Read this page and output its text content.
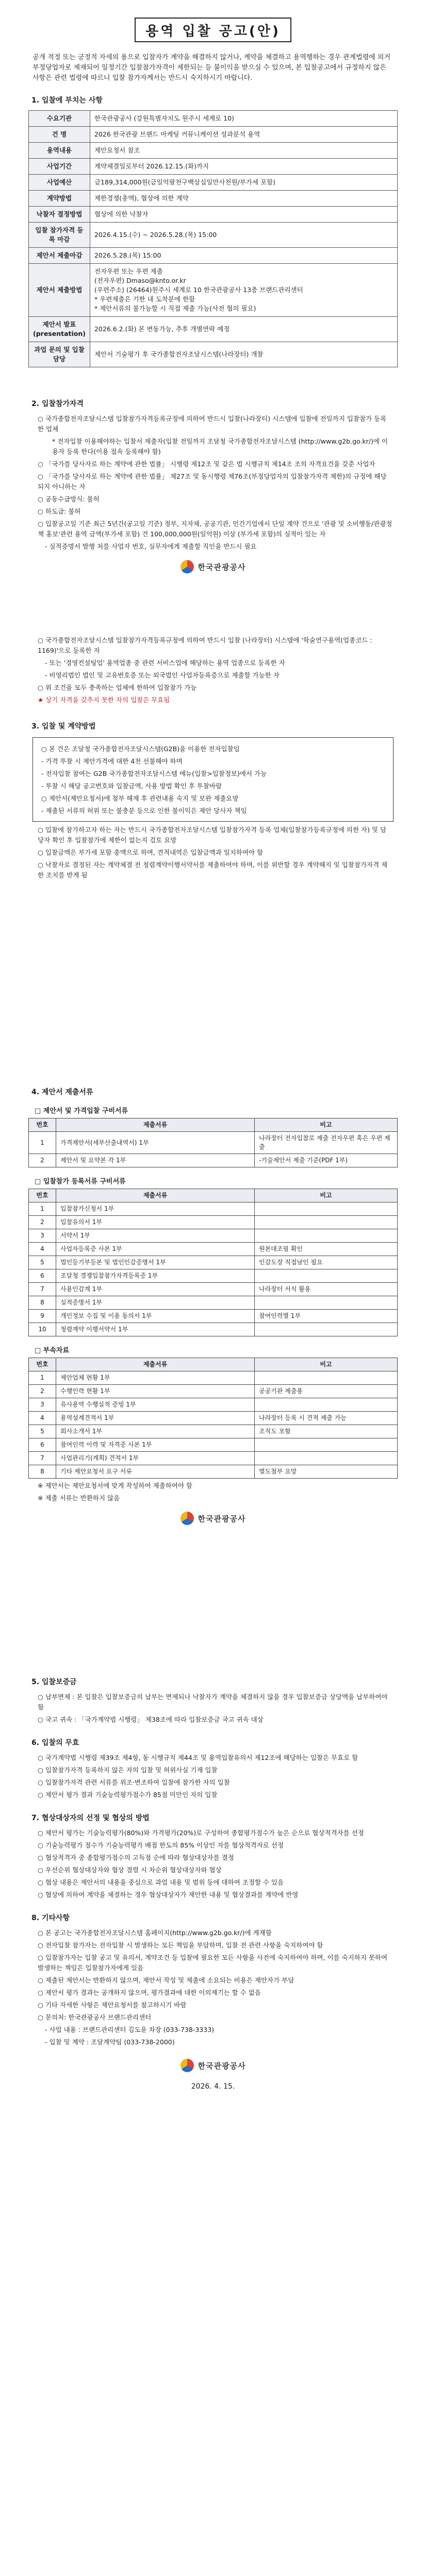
용역 입찰 공고(안)
공개 적정 또는 긍정적 자세의 용으로 입찰자가 계약을 해결하지 않거나, 계약을 체결하고 용역행하는 경우 관계법령에 의거 부정당업자로 제재되어 일정기간 입찰참가자격이 제한되는 등 불이익을 받으실 수 있으며, 본 입찰공고에서 규정하지 않은 사항은 관련 법령에 따르니 입찰 참가자께서는 반드시 숙지하시기 바랍니다.
1. 입찰에 부치는 사항
수요기관	한국관광공사 (강원특별자치도 원주시 세계로 10)
건 명	2026 한국관광 브랜드 마케팅 커뮤니케이션 성과분석 용역
용역내용	제안요청서 참조
사업기간	계약체결일로부터 2026.12.15.(화)까지
사업예산	금189,314,000원(금일억팔천구백삼십일만사천원/부가세 포함)
계약방법	제한경쟁(총액), 협상에 의한 계약
낙찰자 결정방법	협상에 의한 낙찰자
입찰 참가자격 등록 마감	2026.4.15.(수) ~ 2026.5.28.(목) 15:00
제안서 제출마감	2026.5.28.(목) 15:00
제안서 제출방법	전자우편 또는 우편 제출
(전자우편) Dmaso@knto.or.kr
(우편주소) (26464)원주시 세계로 10 한국관광공사 13층 브랜드관리센터
* 우편제출은 기한 내 도착분에 한함
* 제안서류의 불가능할 시 직접 제출 가능(사전 협의 필요)

제안서 발표 (presentation)	2026.6.2.(화) 본 변동가능, 추후 개별연락 예정
과업 문의 및 입찰 담당	제안서 기술평가 후 국가종합전자조달시스템(나라장터) 개찰
2. 입찰참가자격
○ 국가종합전자조달시스템 입찰참가자격등록규정에 의하여 반드시 입찰(나라장터) 시스템에 입찰에 전일까지 입찰참가 등록한 업체
* 전자입찰 이용해야하는 입찰서 제출자(입찰 전일까지 조달청 국가종합전자조달시스템 (http://www.g2b.go.kr/)에 이용자 등록 한다(이용 접속 등록해야 함)
○ 「국가를 당사자로 하는 계약에 관한 법률」 시행령 제12조 및 같은 법 시행규칙 제14조 조의 자격요건을 갖춘 사업자
○ 「국가를 당사자로 하는 계약에 관한 법률」 제27조 및 동시행령 제76조(부정당업자의 입찰참가자격 제한)의 규정에 해당되지 아니하는 자
○ 공동수급방식: 불허
○ 하도급: 불허
○ 입찰공고일 기준 최근 5년간(공고일 기준) 정부, 지자체, 공공기관, 민간기업에서 단일 계약 건으로 '관광 및 소비행동/관광정책 홍보'관련 용역 금액(부가세 포함) 건 100,000,000원(일억원) 이상 (부가세 포함)의 실적이 있는 자
- 실적증명서 발행 처를 사업자 번호, 실무자에게 제출할 직인을 반드시 필요
한국관광공사
○ 국가종합전자조달시스템 입찰참가자격등록규정에 의하여 반드시 입찰 (나라장터) 시스템에 '학술연구용역(업종코드 : 1169)'으로 등록한 자
- 또는 '경영컨설팅업' 용역업종 중 관련 서비스업에 해당하는 용역 업종으로 등록한 자
- 비영리법인 법인 및 고유번호증 또는 외국법인 사업자등록증으로 제출할 가능한 자
○ 위 조건을 모두 충족하는 업체에 한하여 입찰참가 가능
★ 상기 자격을 갖추지 못한 자의 입찰은 무효됨
3. 입찰 및 계약방법
○ 본 건은 조달청 국가종합전자조달시스템(G2B)을 이용한 전자입찰임
- 가격 투찰 시 제안가격에 대한 4천 선불해야 하며
- 전자입찰 참여는 G2B 국가종합전자조달시스템 메뉴(입찰>입찰정보)에서 가능
- 투찰 시 해당 공고번호와 입찰금액, 사용 방법 확인 후 투찰바람
○ 제안서(제안요청서)에 첨부 해제 후 관련내용 숙지 및 보완 제출요망
- 제출된 서류의 허위 또는 불충분 등으로 인한 불이익은 제안 당사자 책임
○ 입찰에 참가하고자 하는 자는 반드시 국가종합전자조달시스템 입찰참가자격 등록 업체(입찰참가등록규정에 의한 자) 및 담당자 확인 후 입찰참가에 제한이 없는지 검토 요망
○ 입찰금액은 부가세 포함 총액으로 하며, 견적내역은 입찰금액과 일치하여야 함
○ 낙찰자로 결정된 자는 계약체결 전 청렴계약이행서약서를 제출하여야 하며, 이를 위반할 경우 계약해지 및 입찰참가자격 제한 조치를 받게 됨
4. 제안서 제출서류
□ 제안서 및 가격입찰 구비서류
번호	제출서류	비고
1	가격제안서(세부산출내역서) 1부	나라장터 전자입찰로 제출 전자우편 혹은 우편 제출
2	제안서 및 요약본 각 1부	-기술제안서 제출 기준(PDF 1부)
□ 입찰참가 등록서류 구비서류
번호	제출서류	비고
1	입찰참가신청서 1부	
2	입찰유의서 1부	
3	서약서 1부	
4	사업자등록증 사본 1부	원본대조필 확인
5	법인등기부등본 및 법인인감증명서 1부	인감도장 직접날인 필요
6	조달청 경쟁입찰참가자격등록증 1부	
7	사용인감계 1부	나라장터 서식 활용
8	실적증명서 1부	
9	개인정보 수집 및 이용 동의서 1부	참여인력별 1부
10	청렴계약 이행서약서 1부	
□ 부속자료
번호	제출서류	비고
1	제안업체 현황 1부	
2	수행인력 현황 1부	공공기관 제출용
3	유사용역 수행실적 증빙 1부	
4	용역설계견적서 1부	나라장터 등록 시 견적 제출 가능
5	회사소개서 1부	조직도 포함
6	참여인력 이력 및 자격증 사본 1부	
7	사업관리기(계획) 견적서 1부	
8	기타 제안요청서 요구 서류	별도첨부 요망
※ 제안서는 제안요청서에 맞게 작성하여 제출하여야 함
※ 제출 서류는 반환하지 않음
한국관광공사
5. 입찰보증금
○ 납부면제 : 본 입찰은 입찰보증금의 납부는 면제되나 낙찰자가 계약을 체결하지 않을 경우 입찰보증금 상당액을 납부하여야 함
○ 국고 귀속 : 「국가계약법 시행령」 제38조에 따라 입찰보증금 국고 귀속 대상
6. 입찰의 무효
○ 국가계약법 시행령 제39조 제4항, 동 시행규칙 제44조 및 용역입찰유의서 제12조에 해당하는 입찰은 무효로 함
○ 입찰참가자격 등록하지 않은 자의 입찰 및 허위사실 기재 입찰
○ 입찰참가자격 관련 서류를 위조·변조하여 입찰에 참가한 자의 입찰
○ 제안서 평가 결과 기술능력평가점수가 85점 미만인 자의 입찰
7. 협상대상자의 선정 및 협상의 방법
○ 제안서 평가는 기술능력평가(80%)와 가격평가(20%)로 구성하여 종합평가점수가 높은 순으로 협상적격자를 선정
○ 기술능력평가 점수가 기술능력평가 배점 한도의 85% 이상인 자를 협상적격자로 선정
○ 협상적격자 중 종합평가점수의 고득점 순에 따라 협상대상자를 결정
○ 우선순위 협상대상자와 협상 결렬 시 차순위 협상대상자와 협상
○ 협상 내용은 제안서의 내용을 중심으로 과업 내용 및 범위 등에 대하여 조정할 수 있음
○ 협상에 의하여 계약을 체결하는 경우 협상대상자가 제안한 내용 및 협상결과를 계약에 반영
8. 기타사항
○ 본 공고는 국가종합전자조달시스템 홈페이지(http://www.g2b.go.kr/)에 게재함
○ 전자입찰 참가자는 전자입찰 시 발생하는 모든 책임을 부담하며, 입찰 전 관련 사항을 숙지하여야 함
○ 입찰참가자는 입찰 공고 및 유의서, 계약조건 등 입찰에 필요한 모든 사항을 사전에 숙지하여야 하며, 이를 숙지하지 못하여 발생하는 책임은 입찰참가자에게 있음
○ 제출된 제안서는 반환하지 않으며, 제안서 작성 및 제출에 소요되는 비용은 제안자가 부담
○ 제안서 평가 결과는 공개하지 않으며, 평가결과에 대한 이의제기는 할 수 없음
○ 기타 자세한 사항은 제안요청서를 참고하시기 바람
○ 문의처: 한국관광공사 브랜드관리센터
- 사업 내용 : 브랜드관리센터 김도윤 차장 (033-738-3333)
- 입찰 및 계약 : 조달계약팀 (033-738-2000)
한국관광공사
2026. 4. 15.
